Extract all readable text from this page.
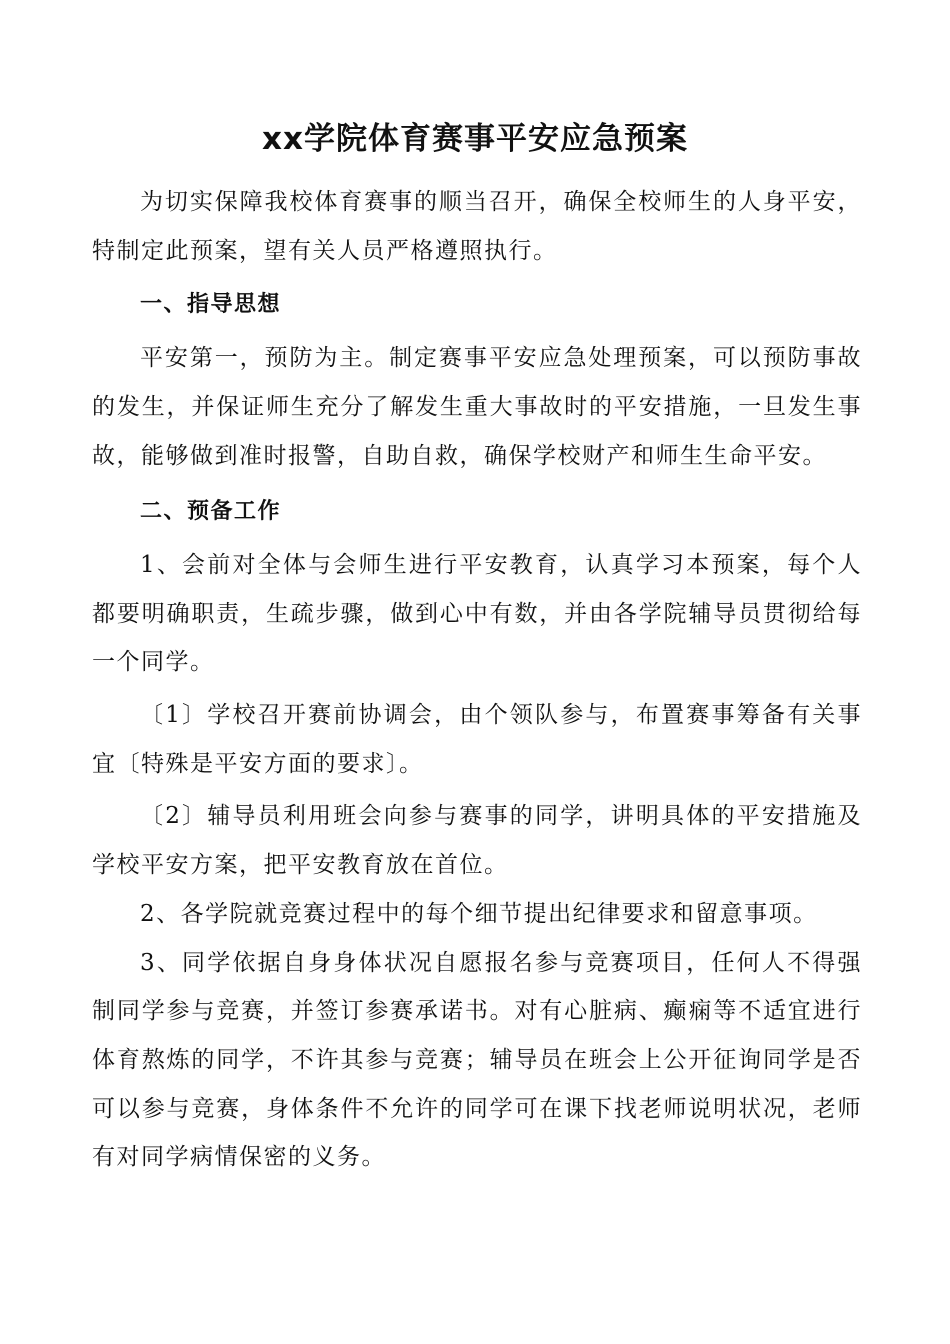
xx学院体育赛事平安应急预案

为切实保障我校体育赛事的顺当召开，确保全校师生的人身平安，特制定此预案，望有关人员严格遵照执行。

一、指导思想

平安第一，预防为主。制定赛事平安应急处理预案，可以预防事故的发生，并保证师生充分了解发生重大事故时的平安措施，一旦发生事故，能够做到准时报警，自助自救，确保学校财产和师生生命平安。

二、预备工作

1、会前对全体与会师生进行平安教育，认真学习本预案，每个人都要明确职责，生疏步骤，做到心中有数，并由各学院辅导员贯彻给每一个同学。

〔1〕学校召开赛前协调会，由个领队参与，布置赛事筹备有关事宜〔特殊是平安方面的要求〕。

〔2〕辅导员利用班会向参与赛事的同学，讲明具体的平安措施及学校平安方案，把平安教育放在首位。

2、各学院就竞赛过程中的每个细节提出纪律要求和留意事项。

3、同学依据自身身体状况自愿报名参与竞赛项目，任何人不得强制同学参与竞赛，并签订参赛承诺书。对有心脏病、癫痫等不适宜进行体育熬炼的同学，不许其参与竞赛；辅导员在班会上公开征询同学是否可以参与竞赛，身体条件不允许的同学可在课下找老师说明状况，老师有对同学病情保密的义务。
